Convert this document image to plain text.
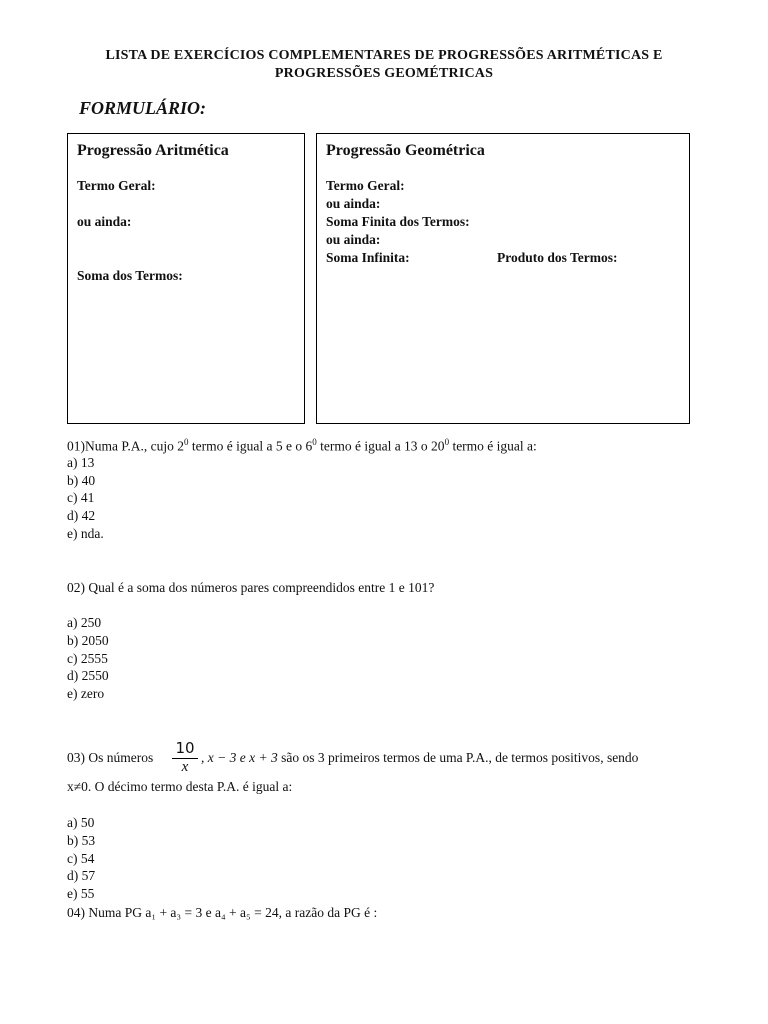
LISTA DE EXERCÍCIOS COMPLEMENTARES DE PROGRESSÕES ARITMÉTICAS E
PROGRESSÕES GEOMÉTRICAS
FORMULÁRIO:
Progressão Aritmética
Termo Geral:
ou ainda:
Soma dos Termos:
Progressão Geométrica
Termo Geral:
ou ainda:
Soma Finita dos Termos:
ou ainda:
Soma Infinita:	Produto dos Termos:
01)Numa P.A., cujo $2^0$ termo é igual a 5 e o $6^0$ termo é igual a 13 o $20^0$ termo é igual a:
a) 13
b) 40
c) 41
d) 42
e) nda.
02) Qual é a soma dos números pares compreendidos entre 1 e 101?
a) 250
b) 2050
c) 2555
d) 2550
e) zero
03) Os números
10
x
, x − 3 e x + 3 são os 3 primeiros termos de uma P.A., de termos positivos, sendo
x≠0. O décimo termo desta P.A. é igual a:
a) 50
b) 53
c) 54
d) 57
e) 55
04) Numa PG a₁ + a₃ = 3 e a₄ + a₅ = 24, a razão da PG é :
